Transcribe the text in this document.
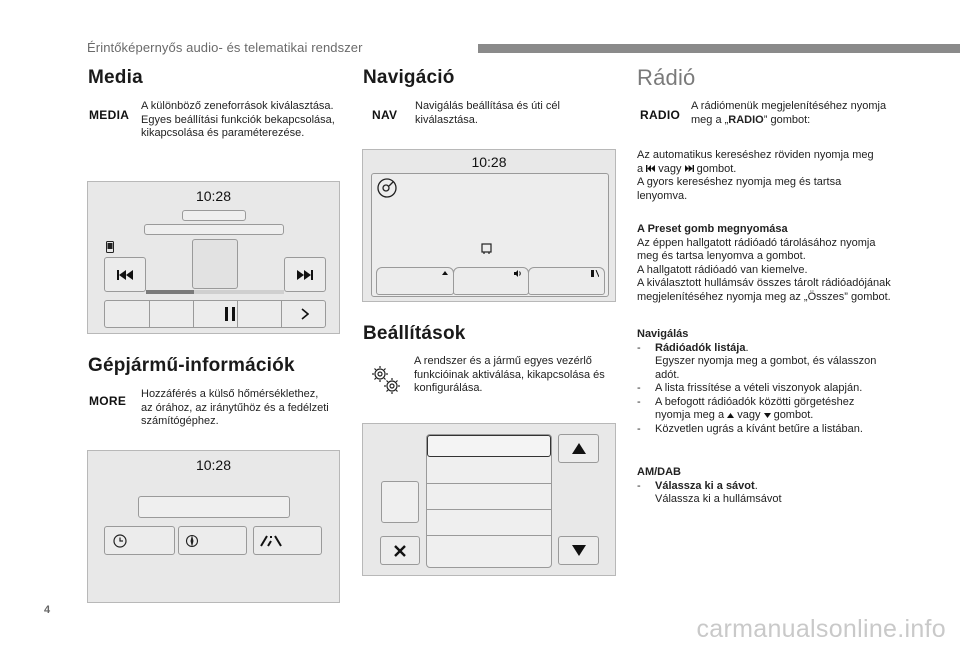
Érintőképernyős audio- és telematikai rendszer
Media
MEDIA
A különböző zeneforrások kiválasztása.
Egyes beállítási funkciók bekapcsolása,
kikapcsolása és paraméterezése.
10:28
Gépjármű-információk
MORE Hozzáférés a külső hőmérséklethez,
az órához, az iránytűhöz és a fedélzeti
számítógéphez.
10:28
Navigáció
NAV
Navigálás beállítása és úti cél
kiválasztása.
10:28
Beállítások
A rendszer és a jármű egyes vezérlő
funkcióinak aktiválása, kikapcsolása és
konfigurálása.
Rádió
RADIO
A rádiómenük megjelenítéséhez nyomja
meg a „RADIO” gombot:
Az automatikus kereséshez röviden nyomja meg
a  vagy  gombot.
A gyors kereséshez nyomja meg és tartsa
lenyomva.
A Preset gomb megnyomása
Az éppen hallgatott rádióadó tárolásához nyomja
meg és tartsa lenyomva a gombot.
A hallgatott rádióadó van kiemelve.
A kiválasztott hullámsáv összes tárolt rádióadójának
megjelenítéséhez nyomja meg az „Összes” gombot.
Navigálás
- Rádióadók listája.
Egyszer nyomja meg a gombot, és válasszon
adót.
- A lista frissítése a vételi viszonyok alapján.
- A befogott rádióadók közötti görgetéshez
nyomja meg a  vagy  gombot.
- Közvetlen ugrás a kívánt betűre a listában.
AM/DAB
- Válassza ki a sávot.
Válassza ki a hullámsávot
4
carmanualsonline.info
